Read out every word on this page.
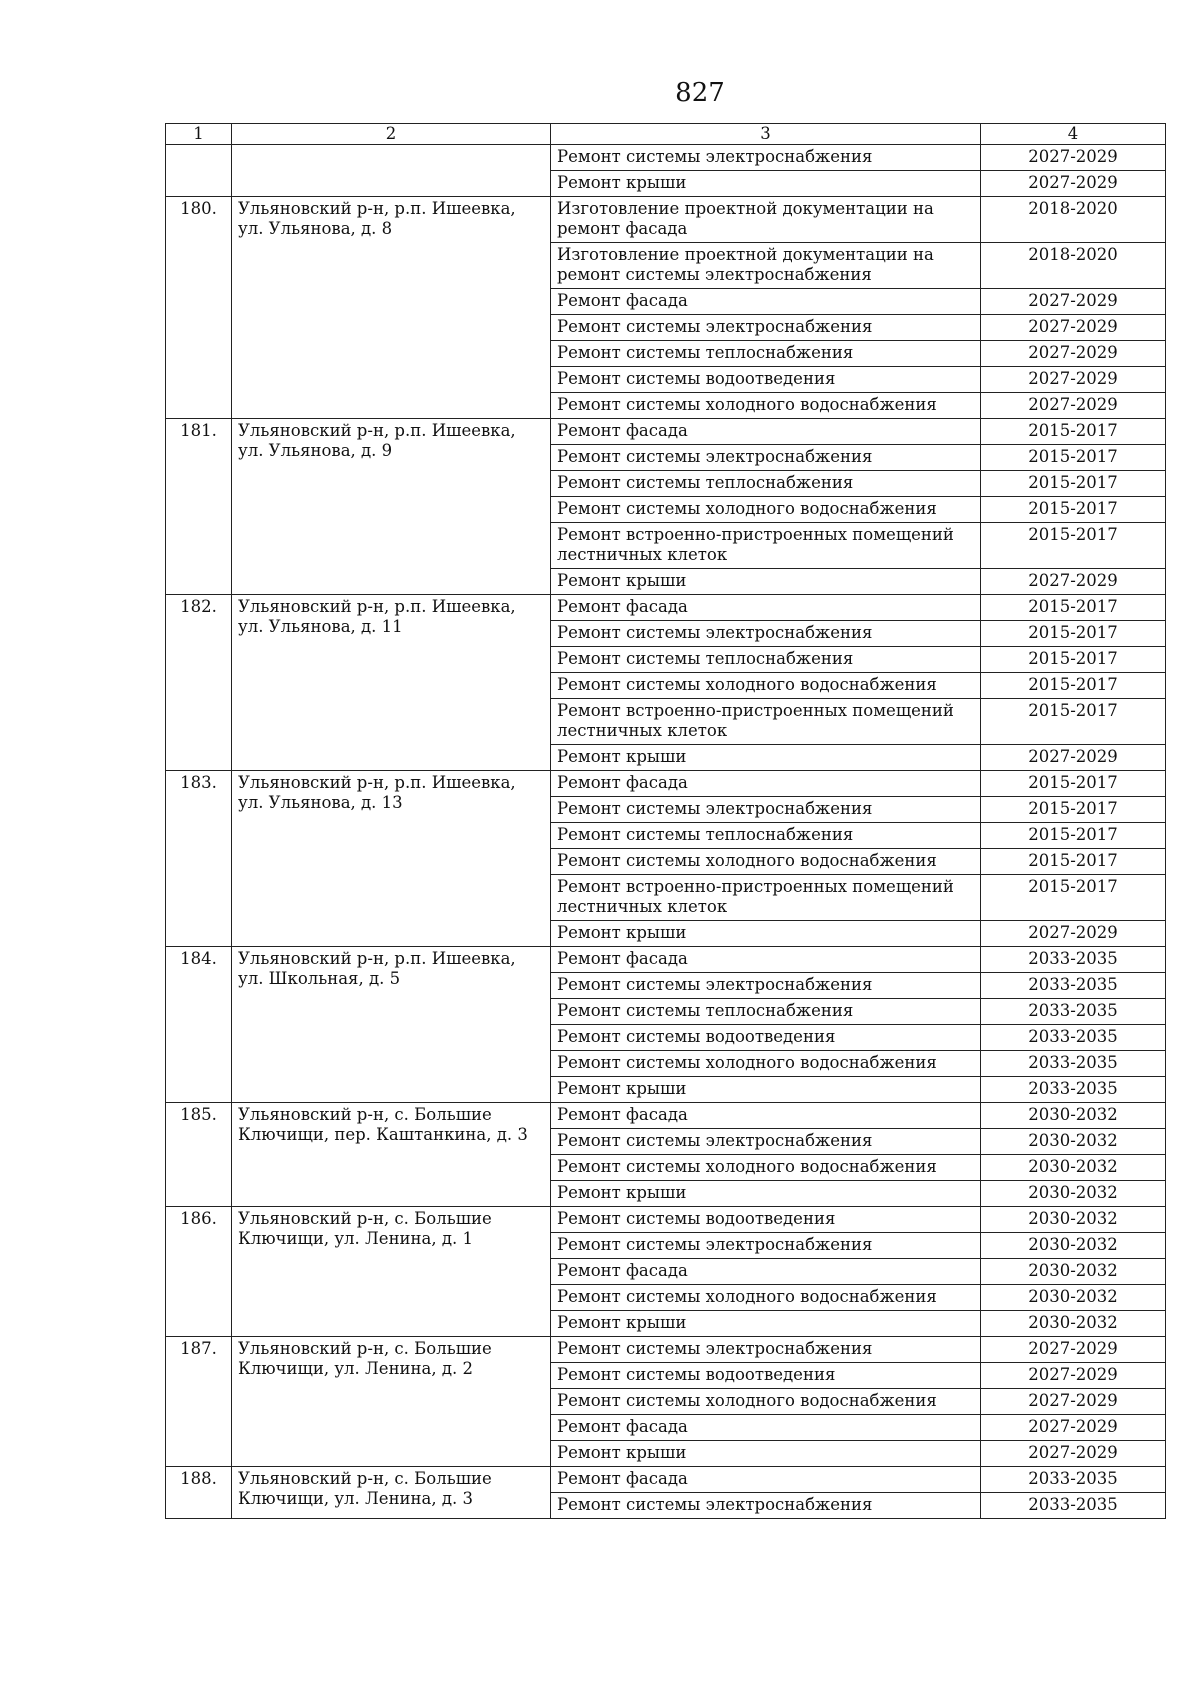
827
1	2	3	4
		Ремонт системы электроснабжения	2027-2029
		Ремонт крыши	2027-2029
180.	Ульяновский р-н, р.п. Ишеевка, ул. Ульянова, д. 8	Изготовление проектной документации на ремонт фасада	2018-2020
		Изготовление проектной документации на ремонт системы электроснабжения	2018-2020
		Ремонт фасада	2027-2029
		Ремонт системы электроснабжения	2027-2029
		Ремонт системы теплоснабжения	2027-2029
		Ремонт системы водоотведения	2027-2029
		Ремонт системы холодного водоснабжения	2027-2029
181.	Ульяновский р-н, р.п. Ишеевка, ул. Ульянова, д. 9	Ремонт фасада	2015-2017
		Ремонт системы электроснабжения	2015-2017
		Ремонт системы теплоснабжения	2015-2017
		Ремонт системы холодного водоснабжения	2015-2017
		Ремонт встроенно-пристроенных помещений лестничных клеток	2015-2017
		Ремонт крыши	2027-2029
182.	Ульяновский р-н, р.п. Ишеевка, ул. Ульянова, д. 11	Ремонт фасада	2015-2017
		Ремонт системы электроснабжения	2015-2017
		Ремонт системы теплоснабжения	2015-2017
		Ремонт системы холодного водоснабжения	2015-2017
		Ремонт встроенно-пристроенных помещений лестничных клеток	2015-2017
		Ремонт крыши	2027-2029
183.	Ульяновский р-н, р.п. Ишеевка, ул. Ульянова, д. 13	Ремонт фасада	2015-2017
		Ремонт системы электроснабжения	2015-2017
		Ремонт системы теплоснабжения	2015-2017
		Ремонт системы холодного водоснабжения	2015-2017
		Ремонт встроенно-пристроенных помещений лестничных клеток	2015-2017
		Ремонт крыши	2027-2029
184.	Ульяновский р-н, р.п. Ишеевка, ул. Школьная, д. 5	Ремонт фасада	2033-2035
		Ремонт системы электроснабжения	2033-2035
		Ремонт системы теплоснабжения	2033-2035
		Ремонт системы водоотведения	2033-2035
		Ремонт системы холодного водоснабжения	2033-2035
		Ремонт крыши	2033-2035
185.	Ульяновский р-н, с. Большие Ключищи, пер. Каштанкина, д. 3	Ремонт фасада	2030-2032
		Ремонт системы электроснабжения	2030-2032
		Ремонт системы холодного водоснабжения	2030-2032
		Ремонт крыши	2030-2032
186.	Ульяновский р-н, с. Большие Ключищи, ул. Ленина, д. 1	Ремонт системы водоотведения	2030-2032
		Ремонт системы электроснабжения	2030-2032
		Ремонт фасада	2030-2032
		Ремонт системы холодного водоснабжения	2030-2032
		Ремонт крыши	2030-2032
187.	Ульяновский р-н, с. Большие Ключищи, ул. Ленина, д. 2	Ремонт системы электроснабжения	2027-2029
		Ремонт системы водоотведения	2027-2029
		Ремонт системы холодного водоснабжения	2027-2029
		Ремонт фасада	2027-2029
		Ремонт крыши	2027-2029
188.	Ульяновский р-н, с. Большие Ключищи, ул. Ленина, д. 3	Ремонт фасада	2033-2035
		Ремонт системы электроснабжения	2033-2035
